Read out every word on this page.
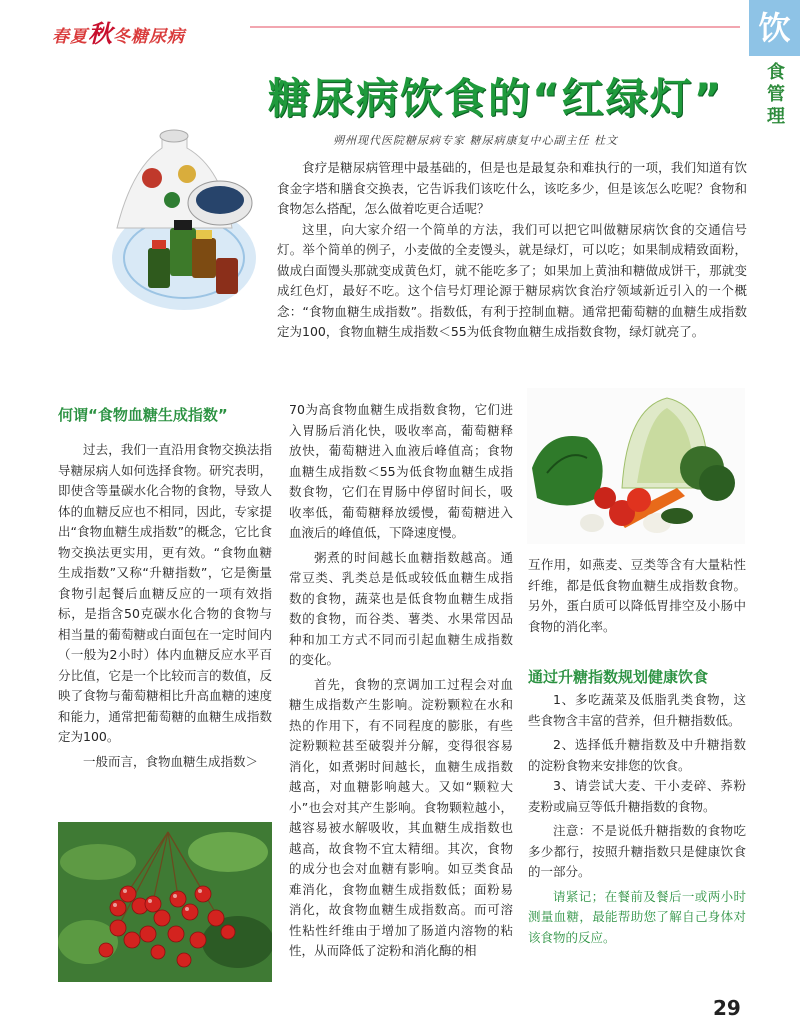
春夏秋冬糖尿病	饮
食管理
糖尿病饮食的“红绿灯”
朔州现代医院糖尿病专家 糖尿病康复中心副主任 杜文

食疗是糖尿病管理中最基础的，但是也是最复杂和难执行的一项，我们知道有饮食金字塔和膳食交换表，它告诉我们该吃什么，该吃多少，但是该怎么吃呢？食物和食物怎么搭配，怎么做着吃更合适呢？

这里，向大家介绍一个简单的方法，我们可以把它叫做糖尿病饮食的交通信号灯。举个简单的例子，小麦做的全麦馒头，就是绿灯，可以吃；如果制成精致面粉，做成白面馒头那就变成黄色灯，就不能吃多了；如果加上黄油和糖做成饼干，那就变成红色灯，最好不吃。这个信号灯理论源于糖尿病饮食治疗领域新近引入的一个概念：“食物血糖生成指数”。指数低，有利于控制血糖。通常把葡萄糖的血糖生成指数定为100，食物血糖生成指数＜55为低食物血糖生成指数食物，绿灯就亮了。

何谓“食物血糖生成指数”

过去，我们一直沿用食物交换法指导糖尿病人如何选择食物。研究表明，即使含等量碳水化合物的食物，导致人体的血糖反应也不相同，因此，专家提出“食物血糖生成指数”的概念，它比食物交换法更实用，更有效。“食物血糖生成指数”又称“升糖指数”，它是衡量食物引起餐后血糖反应的一项有效指标，是指含50克碳水化合物的食物与相当量的葡萄糖或白面包在一定时间内（一般为2小时）体内血糖反应水平百分比值，它是一个比较而言的数值，反映了食物与葡萄糖相比升高血糖的速度和能力，通常把葡萄糖的血糖生成指数定为100。

一般而言，食物血糖生成指数＞

70为高食物血糖生成指数食物，它们进入胃肠后消化快，吸收率高，葡萄糖释放快，葡萄糖进入血液后峰值高；食物血糖生成指数＜55为低食物血糖生成指数食物，它们在胃肠中停留时间长，吸收率低，葡萄糖释放缓慢，葡萄糖进入血液后的峰值低，下降速度慢。

粥煮的时间越长血糖指数越高。通常豆类、乳类总是低或较低血糖生成指数的食物，蔬菜也是低食物血糖生成指数的食物，而谷类、薯类、水果常因品种和加工方式不同而引起血糖生成指数的变化。

首先，食物的烹调加工过程会对血糖生成指数产生影响。淀粉颗粒在水和热的作用下，有不同程度的膨胀，有些淀粉颗粒甚至破裂并分解，变得很容易消化，如煮粥时间越长，血糖生成指数越高，对血糖影响越大。又如“颗粒大小”也会对其产生影响。食物颗粒越小，越容易被水解吸收，其血糖生成指数也越高，故食物不宜太精细。其次，食物的成分也会对血糖有影响。如豆类食品难消化，食物血糖生成指数低；面粉易消化，故食物血糖生成指数高。而可溶性粘性纤维由于增加了肠道内溶物的粘性，从而降低了淀粉和消化酶的相

互作用，如燕麦、豆类等含有大量粘性纤维，都是低食物血糖生成指数食物。另外，蛋白质可以降低胃排空及小肠中食物的消化率。

通过升糖指数规划健康饮食

1、多吃蔬菜及低脂乳类食物，这些食物含丰富的营养，但升糖指数低。

2、选择低升糖指数及中升糖指数的淀粉食物来安排您的饮食。

3、请尝试大麦、干小麦碎、荞粉麦粉或扁豆等低升糖指数的食物。

注意：不是说低升糖指数的食物吃多少都行，按照升糖指数只是健康饮食的一部分。

请紧记；在餐前及餐后一或两小时测量血糖，最能帮助您了解自己身体对该食物的反应。

29
